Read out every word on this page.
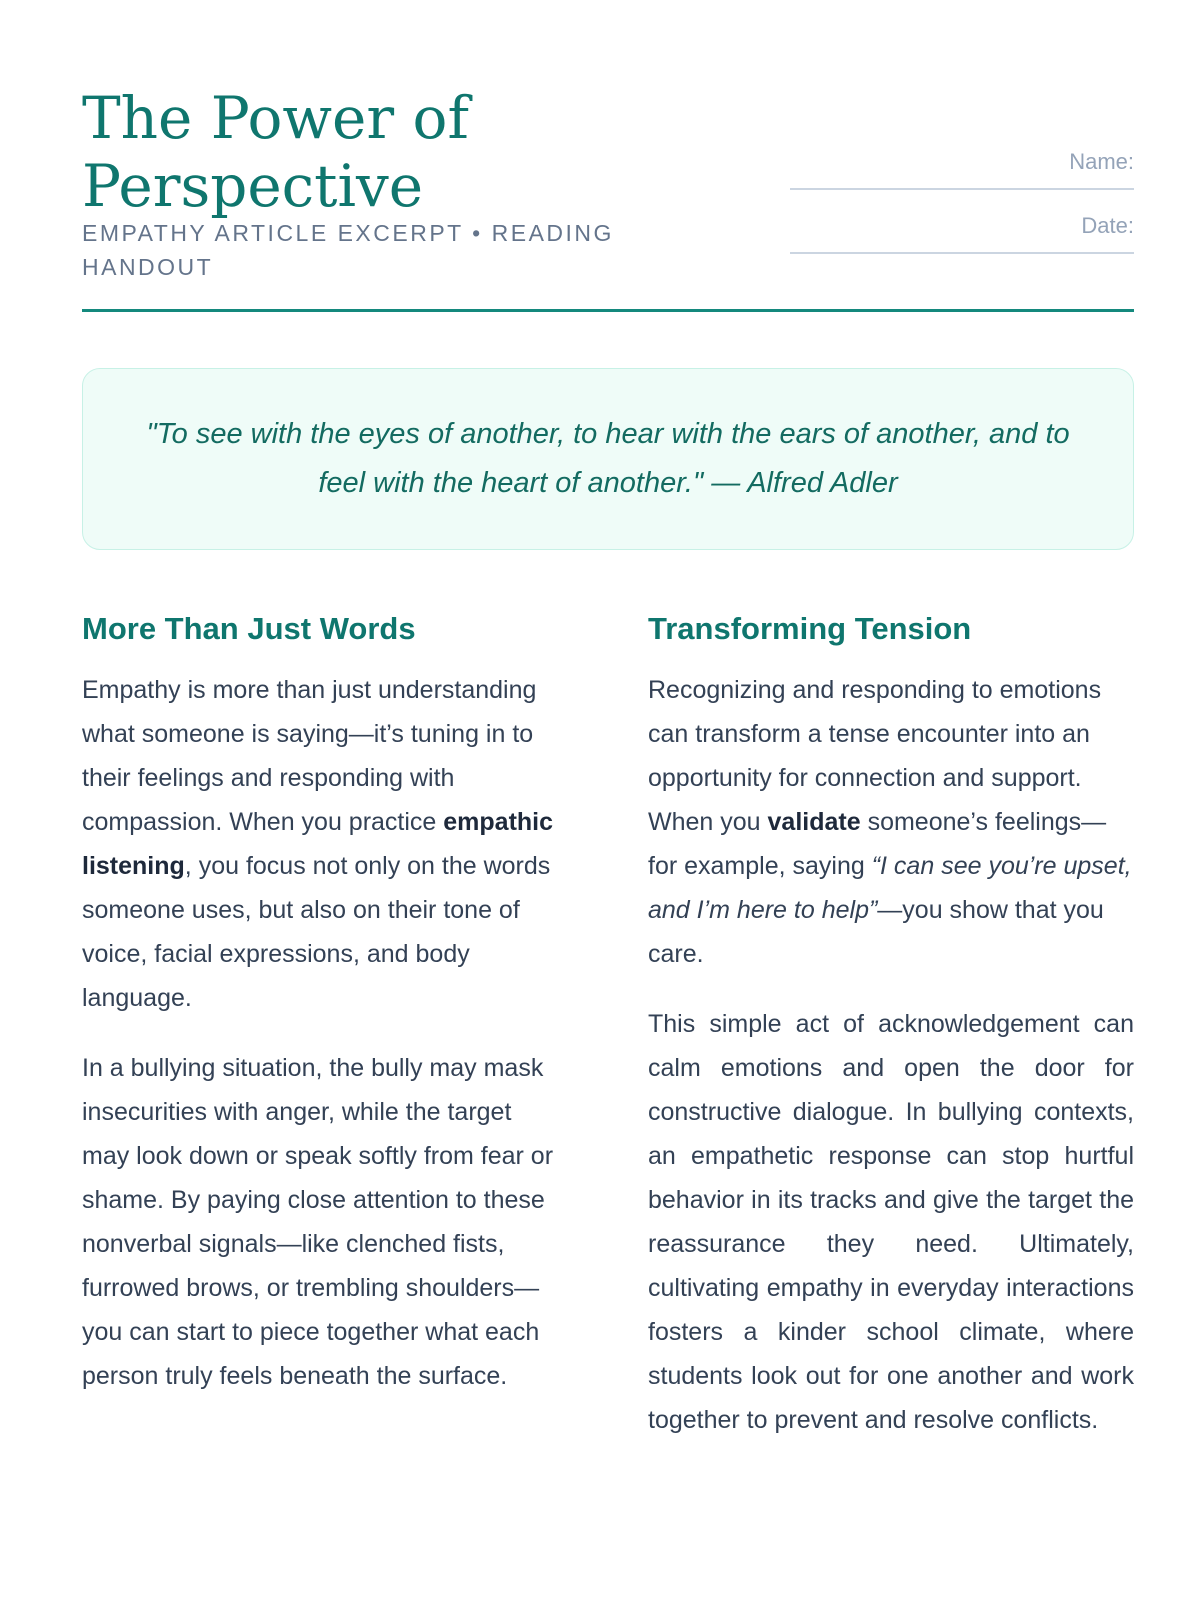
The Power of Perspective
EMPATHY ARTICLE EXCERPT • READING HANDOUT
Name:
Date:

"To see with the eyes of another, to hear with the ears of another, and to feel with the heart of another." — Alfred Adler

More Than Just Words

Empathy is more than just understanding what someone is saying—it’s tuning in to their feelings and responding with compassion. When you practice empathic listening, you focus not only on the words someone uses, but also on their tone of voice, facial expressions, and body language.

In a bullying situation, the bully may mask insecurities with anger, while the target may look down or speak softly from fear or shame. By paying close attention to these nonverbal signals—like clenched fists, furrowed brows, or trembling shoulders—you can start to piece together what each person truly feels beneath the surface.

Transforming Tension

Recognizing and responding to emotions can transform a tense encounter into an opportunity for connection and support. When you validate someone’s feelings—for example, saying “I can see you’re upset, and I’m here to help”—you show that you care.

This simple act of acknowledgement can calm emotions and open the door for constructive dialogue. In bullying contexts, an empathetic response can stop hurtful behavior in its tracks and give the target the reassurance they need. Ultimately, cultivating empathy in everyday interactions fosters a kinder school climate, where students look out for one another and work together to prevent and resolve conflicts.
